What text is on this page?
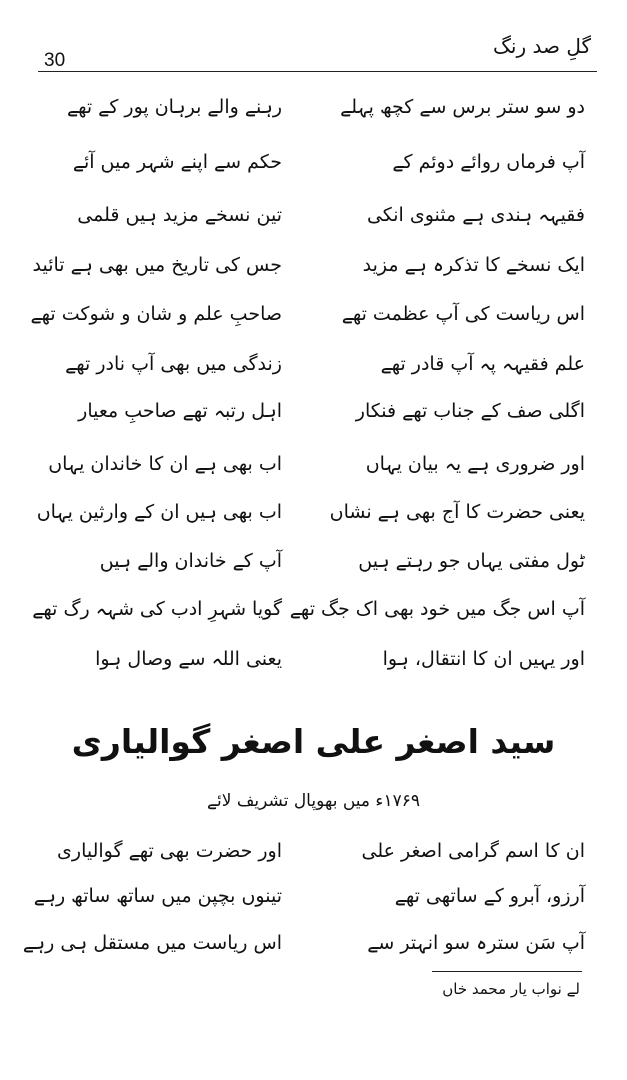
گلِ صد رنگ
30
دو سو ستر برس سے کچھ پہلے
آپ فرماں روائے دوئم کے
فقیہہ ہندی ہے مثنوی انکی
ایک نسخے کا تذکرہ ہے مزید
اس ریاست کی آپ عظمت تھے
علم فقیہہ پہ آپ قادر تھے
اگلی صف کے جناب تھے فنکار
اور ضروری ہے یہ بیان یہاں
یعنی حضرت کا آج بھی ہے نشاں
ٹول مفتی یہاں جو رہتے ہیں
آپ اس جگ میں خود بھی اک جگ تھے
اور یہیں ان کا انتقال، ہوا
رہنے والے برہان پور کے تھے
حکم سے اپنے شہر میں آئے
تین نسخے مزید ہیں قلمی
جس کی تاریخ میں بھی ہے تائید
صاحبِ علم و شان و شوکت تھے
زندگی میں بھی آپ نادر تھے
اہل رتبہ تھے صاحبِ معیار
اب بھی ہے ان کا خاندان یہاں
اب بھی ہیں ان کے وارثین یہاں
آپ کے خاندان والے ہیں
گویا شہرِ ادب کی شہہ رگ تھے
یعنی اللہ سے وصال ہوا
سید اصغر علی اصغر گوالیاری
۱۷۶۹ء میں بھوپال تشریف لائے
ان کا اسم گرامی اصغر علی
آرزو، آبرو کے ساتھی تھے
آپ سَن سترہ سو انہتر سے
اور حضرت بھی تھے گوالیاری
تینوں بچپن میں ساتھ ساتھ رہے
اس ریاست میں مستقل ہی رہے
لے نواب یار محمد خاں
